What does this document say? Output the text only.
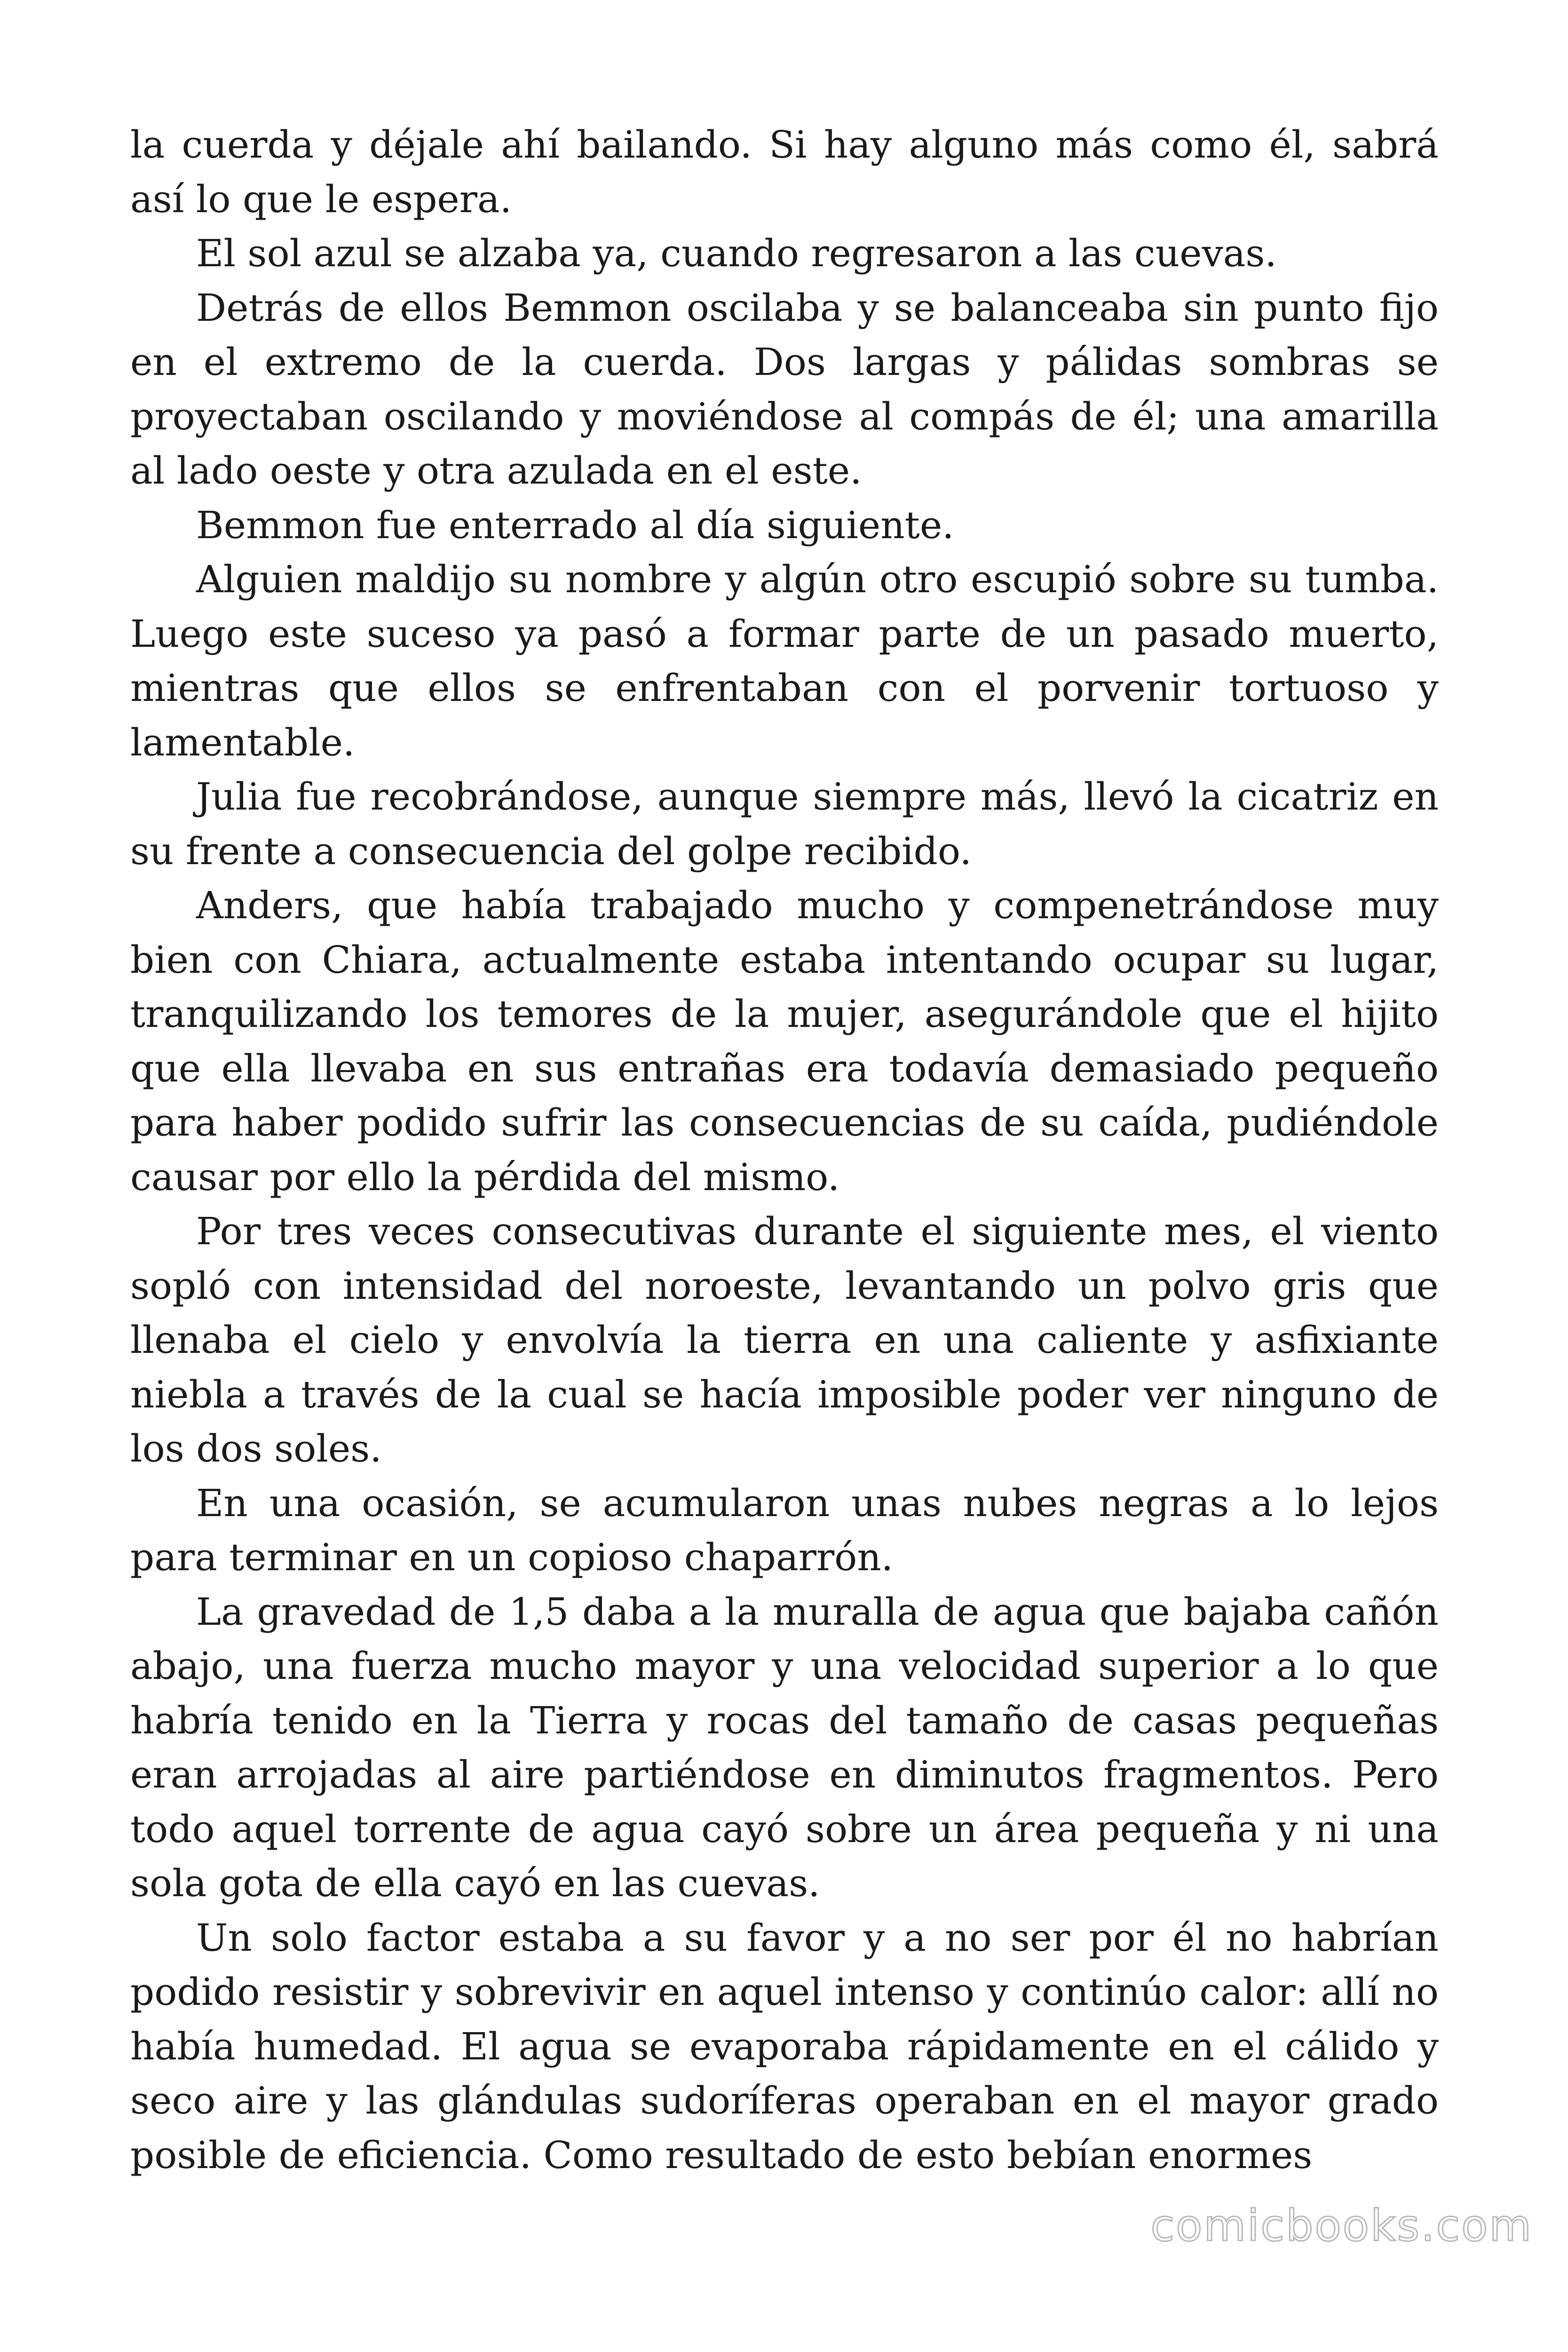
la cuerda y déjale ahí bailando. Si hay alguno más como él, sabrá así lo que le espera.

El sol azul se alzaba ya, cuando regresaron a las cuevas.

Detrás de ellos Bemmon oscilaba y se balanceaba sin punto fijo en el extremo de la cuerda. Dos largas y pálidas sombras se proyectaban oscilando y moviéndose al compás de él; una amarilla al lado oeste y otra azulada en el este.

Bemmon fue enterrado al día siguiente.

Alguien maldijo su nombre y algún otro escupió sobre su tumba. Luego este suceso ya pasó a formar parte de un pasado muerto, mientras que ellos se enfrentaban con el porvenir tortuoso y lamentable.

Julia fue recobrándose, aunque siempre más, llevó la cicatriz en su frente a consecuencia del golpe recibido.

Anders, que había trabajado mucho y compenetrándose muy bien con Chiara, actualmente estaba intentando ocupar su lugar, tranquilizando los temores de la mujer, asegurándole que el hijito que ella llevaba en sus entrañas era todavía demasiado pequeño para haber podido sufrir las consecuencias de su caída, pudiéndole causar por ello la pérdida del mismo.

Por tres veces consecutivas durante el siguiente mes, el viento sopló con intensidad del noroeste, levantando un polvo gris que llenaba el cielo y envolvía la tierra en una caliente y asfixiante niebla a través de la cual se hacía imposible poder ver ninguno de los dos soles.

En una ocasión, se acumularon unas nubes negras a lo lejos para terminar en un copioso chaparrón.

La gravedad de 1,5 daba a la muralla de agua que bajaba cañón abajo, una fuerza mucho mayor y una velocidad superior a lo que habría tenido en la Tierra y rocas del tamaño de casas pequeñas eran arrojadas al aire partiéndose en diminutos fragmentos. Pero todo aquel torrente de agua cayó sobre un área pequeña y ni una sola gota de ella cayó en las cuevas.

Un solo factor estaba a su favor y a no ser por él no habrían podido resistir y sobrevivir en aquel intenso y continúo calor: allí no había humedad. El agua se evaporaba rápidamente en el cálido y seco aire y las glándulas sudoríferas operaban en el mayor grado posible de eficiencia. Como resultado de esto bebían enormes

comicbooks.com
